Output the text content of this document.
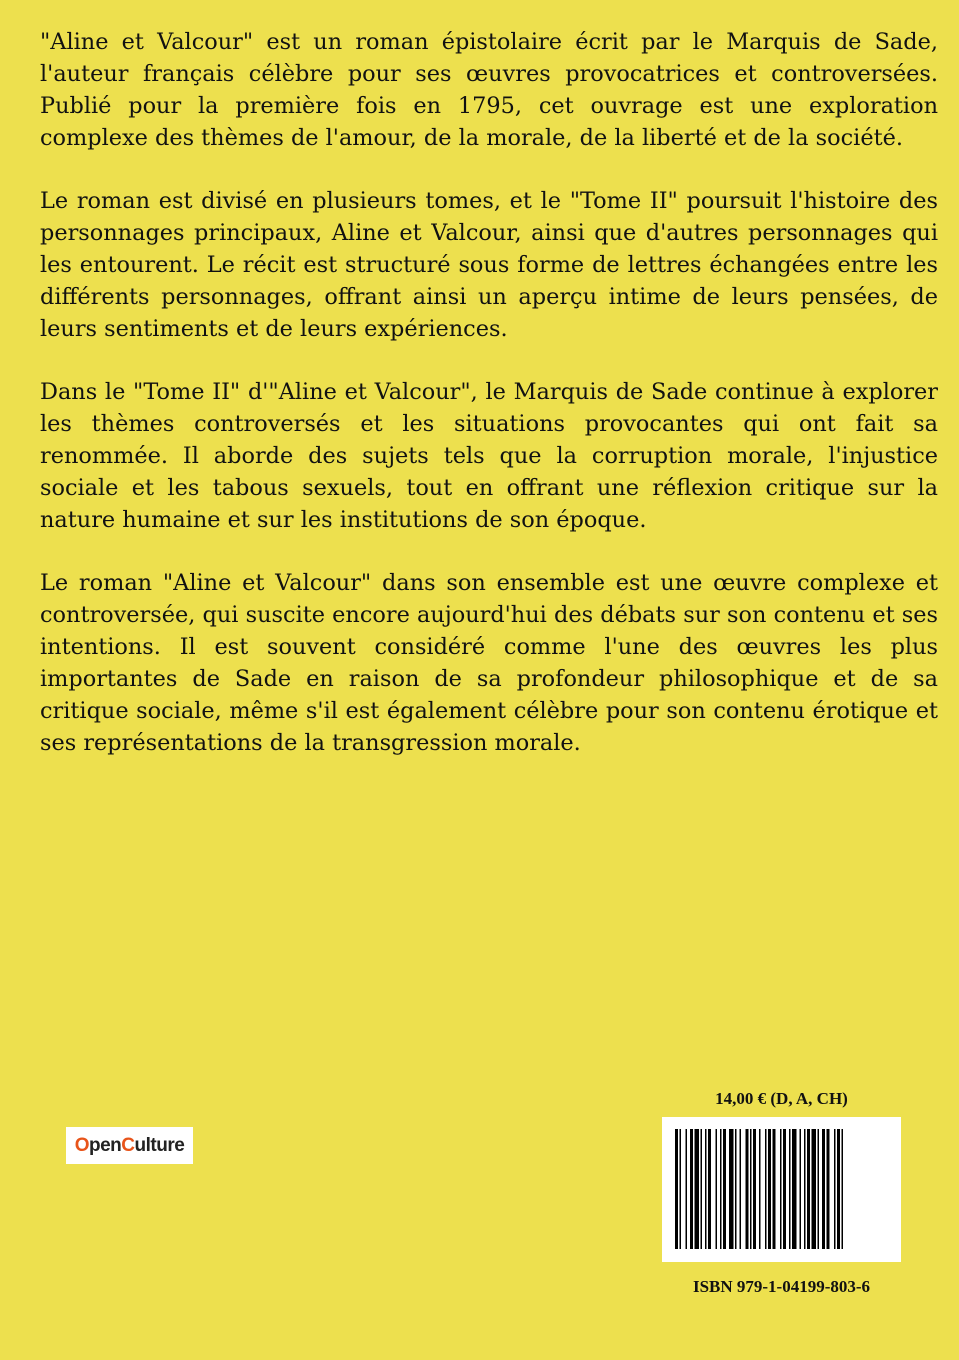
"Aline et Valcour" est un roman épistolaire écrit par le Marquis de Sade, l'auteur français célèbre pour ses œuvres provocatrices et controversées. Publié pour la première fois en 1795, cet ouvrage est une exploration complexe des thèmes de l'amour, de la morale, de la liberté et de la société.

Le roman est divisé en plusieurs tomes, et le "Tome II" poursuit l'histoire des personnages principaux, Aline et Valcour, ainsi que d'autres personnages qui les entourent. Le récit est structuré sous forme de lettres échangées entre les différents personnages, offrant ainsi un aperçu intime de leurs pensées, de leurs sentiments et de leurs expériences.

Dans le "Tome II" d'"Aline et Valcour", le Marquis de Sade continue à explorer les thèmes controversés et les situations provocantes qui ont fait sa renommée. Il aborde des sujets tels que la corruption morale, l'injustice sociale et les tabous sexuels, tout en offrant une réflexion critique sur la nature humaine et sur les institutions de son époque.

Le roman "Aline et Valcour" dans son ensemble est une œuvre complexe et controversée, qui suscite encore aujourd'hui des débats sur son contenu et ses intentions. Il est souvent considéré comme l'une des œuvres les plus importantes de Sade en raison de sa profondeur philosophique et de sa critique sociale, même s'il est également célèbre pour son contenu érotique et ses représentations de la transgression morale.

OpenCulture
14,00 € (D, A, CH)
ISBN 979-1-04199-803-6
